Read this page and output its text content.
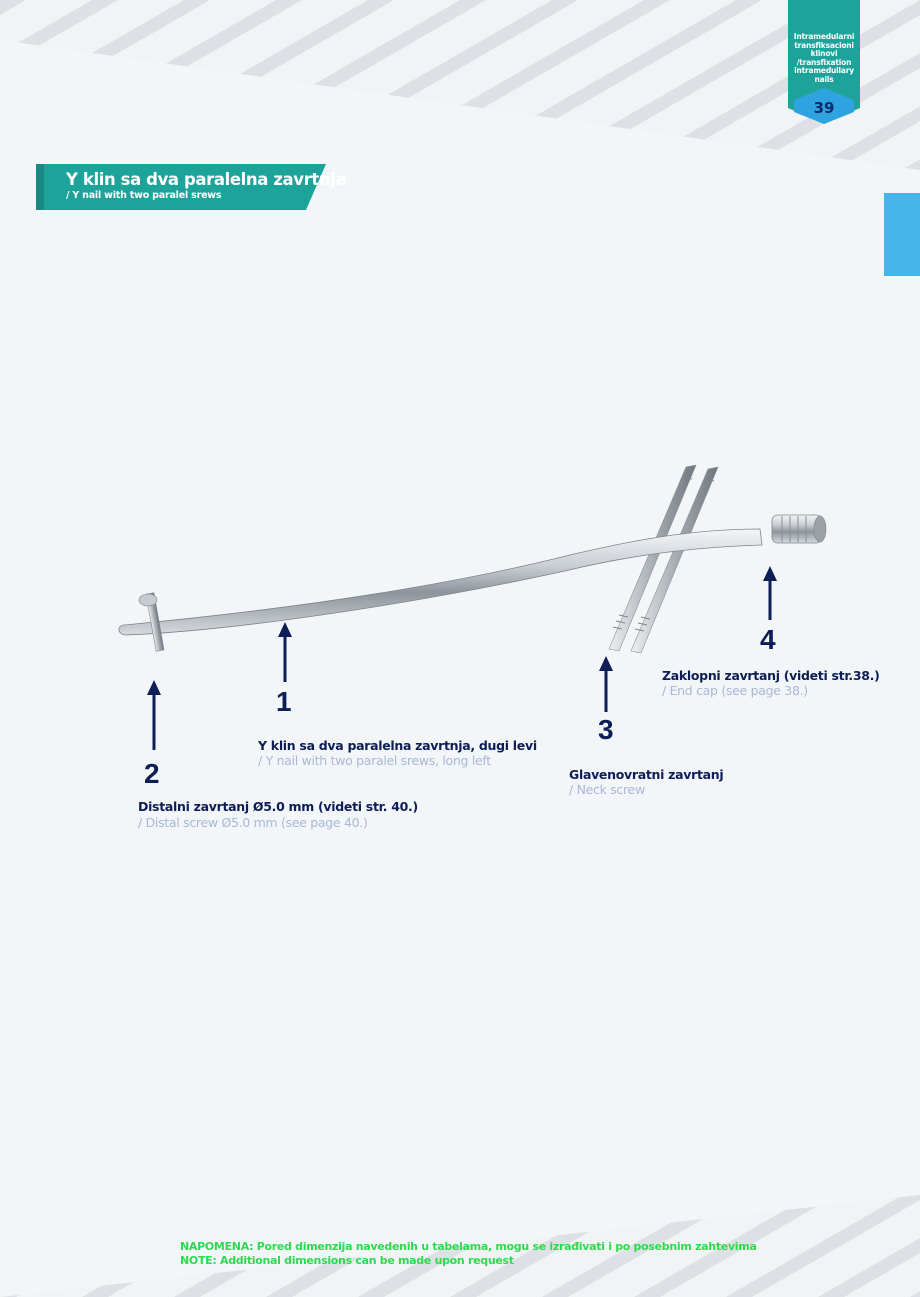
Intramedularni transfiksacioni klinovi /transfixation intramedullary nails
39
Y klin sa dva paralelna zavrtnja
/ Y nail with two paralel srews
1
Y klin sa dva paralelna zavrtnja, dugi levi
/ Y nail with two paralel srews, long left
2
Distalni zavrtanj Ø5.0 mm (videti str. 40.)
/ Distal screw Ø5.0 mm (see page 40.)
3
Glavenovratni zavrtanj
/ Neck screw
4
Zaklopni zavrtanj (videti str.38.)
/ End cap (see page 38.)
NAPOMENA: Pored dimenzija navedenih u tabelama, mogu se izrađivati i po posebnim zahtevima
NOTE: Additional dimensions can be made upon request
